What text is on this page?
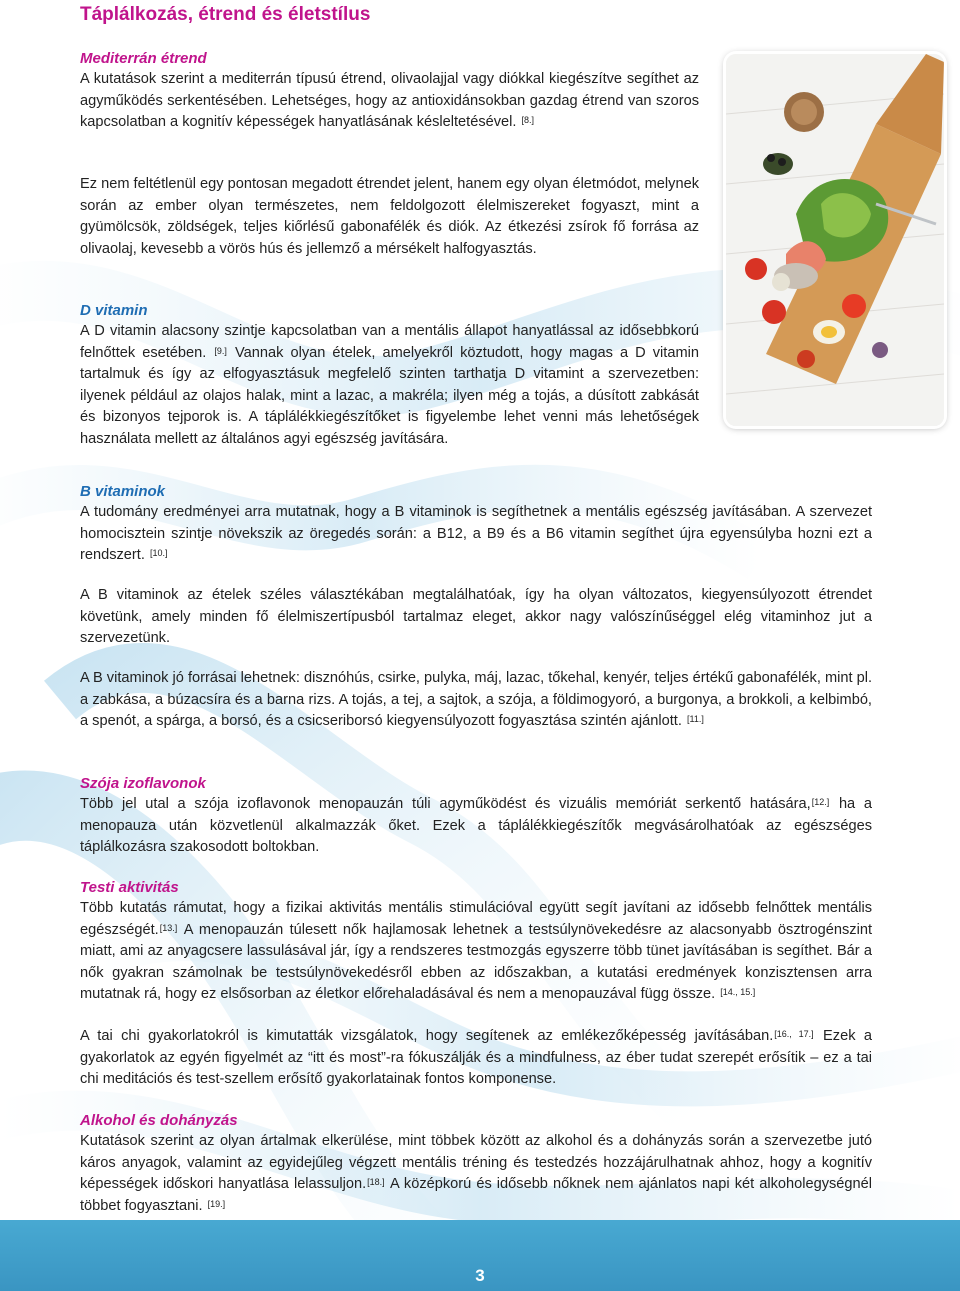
Táplálkozás, étrend és életstílus
Mediterrán étrend

A kutatások szerint a mediterrán típusú étrend, olivaolajjal vagy diókkal kiegészítve segíthet az agyműködés serkentésében. Lehetséges, hogy az antioxidánsokban gazdag étrend van szoros kapcsolatban a kognitív képességek hanyatlásának késleltetésével. [8.]

Ez nem feltétlenül egy pontosan megadott étrendet jelent, hanem egy olyan életmódot, melynek során az ember olyan természetes, nem feldolgozott élelmiszereket fogyaszt, mint a gyümölcsök, zöldségek, teljes kiőrlésű gabonafélék és diók. Az étkezési zsírok fő forrása az olivaolaj, kevesebb a vörös hús és jellemző a mérsékelt halfogyasztás.

D vitamin

A D vitamin alacsony szintje kapcsolatban van a mentális állapot hanyatlással az idősebbkorú felnőttek esetében. [9.] Vannak olyan ételek, amelyekről köztudott, hogy magas a D vitamin tartalmuk és így az elfogyasztásuk megfelelő szinten tarthatja D vitamint a szervezetben: ilyenek például az olajos halak, mint a lazac, a makréla; ilyen még a tojás, a dúsított zabkását és bizonyos tejporok is. A táplálékkiegészítőket is figyelembe lehet venni más lehetőségek használata mellett az általános agyi egészség javítására.

B vitaminok

A tudomány eredményei arra mutatnak, hogy a B vitaminok is segíthetnek a mentális egészség javításában. A szervezet homocisztein szintje növekszik az öregedés során: a B12, a B9 és a B6 vitamin segíthet újra egyensúlyba hozni ezt a rendszert. [10.]

A B vitaminok az ételek széles választékában megtalálhatóak, így ha olyan változatos, kiegyensúlyozott étrendet követünk, amely minden fő élelmiszertípusból tartalmaz eleget, akkor nagy valószínűséggel elég vitaminhoz jut a szervezetünk.

A B vitaminok jó forrásai lehetnek: disznóhús, csirke, pulyka, máj, lazac, tőkehal, kenyér, teljes értékű gabonafélék, mint pl. a zabkása, a búzacsíra és a barna rizs. A tojás, a tej, a sajtok, a szója, a földimogyoró, a burgonya, a brokkoli, a kelbimbó, a spenót, a spárga, a borsó, és a csicseriborsó kiegyensúlyozott fogyasztása szintén ajánlott. [11.]

Szója izoflavonok

Több jel utal a szója izoflavonok menopauzán túli agyműködést és vizuális memóriát serkentő hatására,[12.] ha a menopauza után közvetlenül alkalmazzák őket. Ezek a táplálékkiegészítők megvásárolhatóak az egészséges táplálkozásra szakosodott boltokban.

Testi aktivitás

Több kutatás rámutat, hogy a fizikai aktivitás mentális stimulációval együtt segít javítani az idősebb felnőttek mentális egészségét.[13.] A menopauzán túlesett nők hajlamosak lehetnek a testsúlynövekedésre az alacsonyabb ösztrogénszint miatt, ami az anyagcsere lassulásával jár, így a rendszeres testmozgás egyszerre több tünet javításában is segíthet. Bár a nők gyakran számolnak be testsúlynövekedésről ebben az időszakban, a kutatási eredmények konzisztensen arra mutatnak rá, hogy ez elsősorban az életkor előrehaladásával és nem a menopauzával függ össze. [14., 15.]

A tai chi gyakorlatokról is kimutatták vizsgálatok, hogy segítenek az emlékezőképesség javításában.[16., 17.] Ezek a gyakorlatok az egyén figyelmét az “itt és most”-ra fókuszálják és a mindfulness, az éber tudat szerepét erősítik – ez a tai chi meditációs és test-szellem erősítő gyakorlatainak fontos komponense.

Alkohol és dohányzás

Kutatások szerint az olyan ártalmak elkerülése, mint többek között az alkohol és a dohányzás során a szervezetbe jutó káros anyagok, valamint az egyidejűleg végzett mentális tréning és testedzés hozzájárulhatnak ahhoz, hogy a kognitív képességek időskori hanyatlása lelassuljon.[18.] A középkorú és idősebb nőknek nem ajánlatos napi két alkoholegységnél többet fogyasztani. [19.]

3
